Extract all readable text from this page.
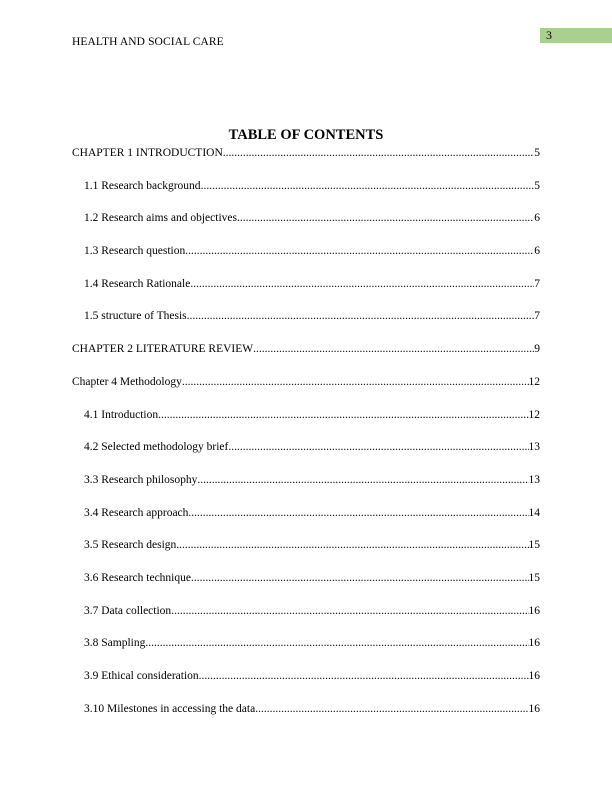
HEALTH AND SOCIAL CARE	3
TABLE OF CONTENTS
CHAPTER 1 INTRODUCTION .....	5
1.1 Research background .....	5
1.2 Research aims and objectives .....	6
1.3 Research question .....	6
1.4 Research Rationale .....	7
1.5 structure of Thesis .....	7
CHAPTER 2 LITERATURE REVIEW .....	9
Chapter 4 Methodology .....	12
4.1 Introduction .....	12
4.2 Selected methodology brief .....	13
3.3 Research philosophy .....	13
3.4 Research approach .....	14
3.5 Research design .....	15
3.6 Research technique .....	15
3.7 Data collection .....	16
3.8 Sampling .....	16
3.9 Ethical consideration .....	16
3.10 Milestones in accessing the data .....	16
